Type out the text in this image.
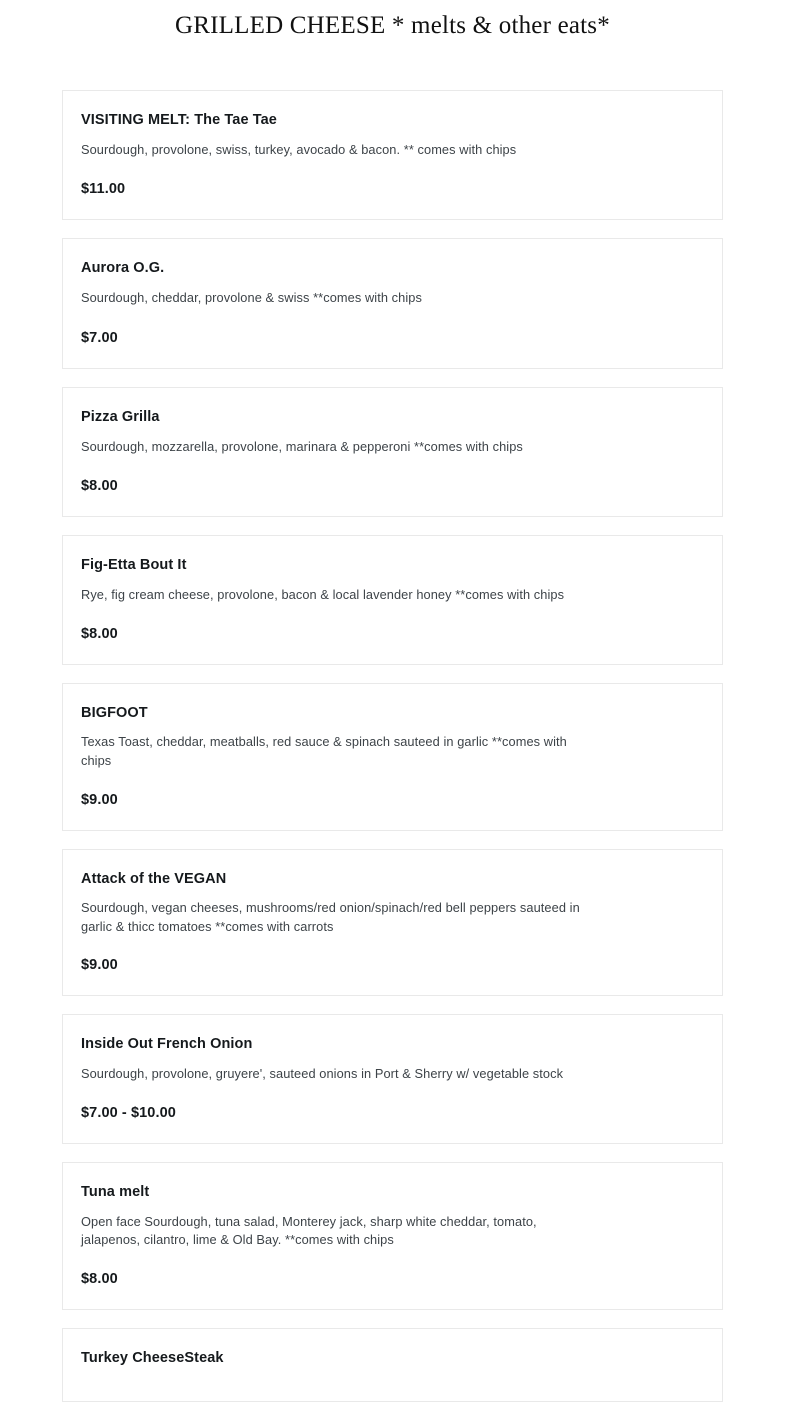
GRILLED CHEESE * melts & other eats*
VISITING MELT: The Tae Tae
Sourdough, provolone, swiss, turkey, avocado & bacon. ** comes with chips
$11.00
Aurora O.G.
Sourdough, cheddar, provolone & swiss **comes with chips
$7.00
Pizza Grilla
Sourdough, mozzarella, provolone, marinara & pepperoni **comes with chips
$8.00
Fig-Etta Bout It
Rye, fig cream cheese, provolone, bacon & local lavender honey **comes with chips
$8.00
BIGFOOT
Texas Toast, cheddar, meatballs, red sauce & spinach sauteed in garlic **comes with chips
$9.00
Attack of the VEGAN
Sourdough, vegan cheeses, mushrooms/red onion/spinach/red bell peppers sauteed in garlic & thicc tomatoes **comes with carrots
$9.00
Inside Out French Onion
Sourdough, provolone, gruyere', sauteed onions in Port & Sherry w/ vegetable stock
$7.00 - $10.00
Tuna melt
Open face Sourdough, tuna salad, Monterey jack, sharp white cheddar, tomato, jalapenos, cilantro, lime & Old Bay. **comes with chips
$8.00
Turkey CheeseSteak
